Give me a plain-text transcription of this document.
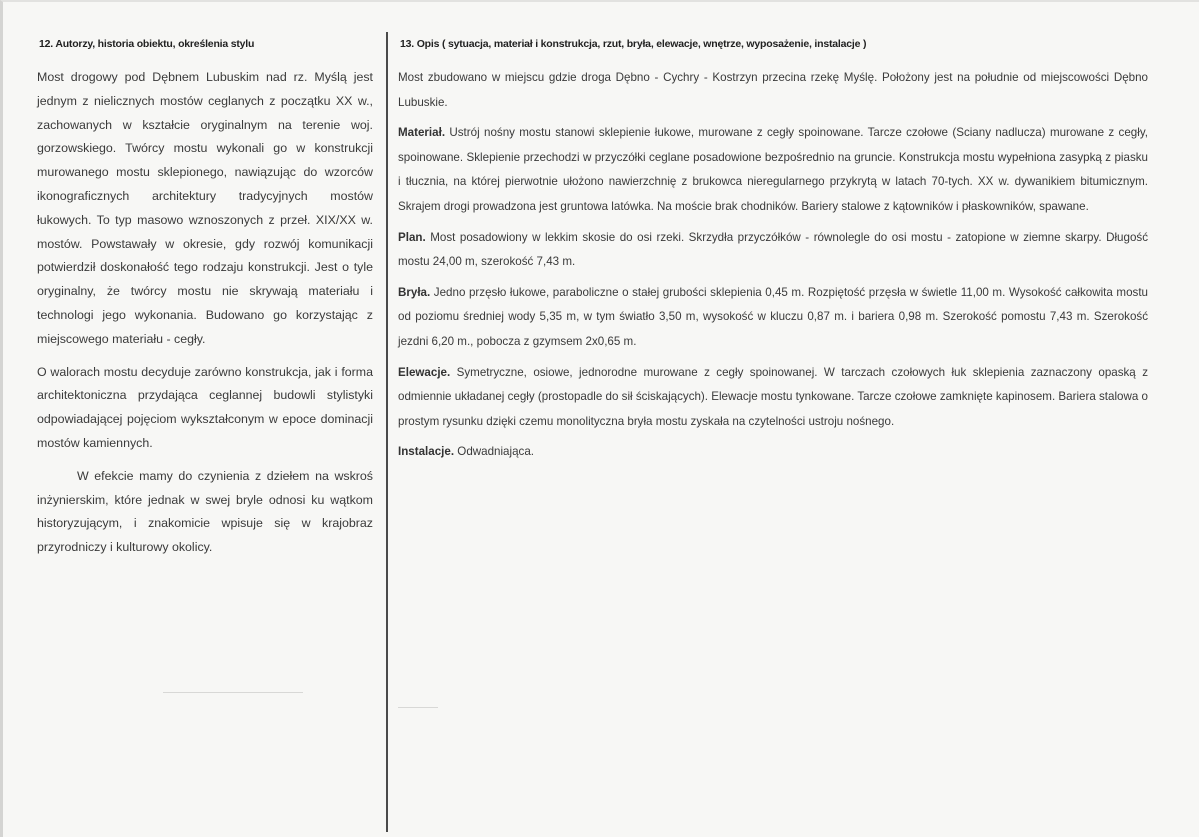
12. Autorzy, historia obiektu, określenia stylu

Most drogowy pod Dębnem Lubuskim nad rz. Myślą jest jednym z nielicznych mostów ceglanych z początku XX w., zachowanych w kształcie oryginalnym na terenie woj. gorzowskiego. Twórcy mostu wykonali go w konstrukcji murowanego mostu sklepionego, nawiązując do wzorców ikonograficznych architektury tradycyjnych mostów łukowych. To typ masowo wznoszonych z przeł. XIX/XX w. mostów. Powstawały w okresie, gdy rozwój komunikacji potwierdził doskonałość tego rodzaju konstrukcji. Jest o tyle oryginalny, że twórcy mostu nie skrywają materiału i technologi jego wykonania. Budowano go korzystając z miejscowego materiału - cegły.

O walorach mostu decyduje zarówno konstrukcja, jak i forma architektoniczna przydająca ceglannej budowli stylistyki odpowiadającej pojęciom wykształconym w epoce dominacji mostów kamiennych.

W efekcie mamy do czynienia z dziełem na wskroś inżynierskim, które jednak w swej bryle odnosi ku wątkom historyzującym, i znakomicie wpisuje się w krajobraz przyrodniczy i kulturowy okolicy.

13. Opis ( sytuacja, materiał i konstrukcja, rzut, bryła, elewacje, wnętrze, wyposażenie, instalacje )

Most zbudowano w miejscu gdzie droga Dębno - Cychry - Kostrzyn przecina rzekę Myślę. Położony jest na południe od miejscowości Dębno Lubuskie.

Materiał. Ustrój nośny mostu stanowi sklepienie łukowe, murowane z cegły spoinowane. Tarcze czołowe (Sciany nadlucza) murowane z cegły, spoinowane. Sklepienie przechodzi w przyczółki ceglane posadowione bezpośrednio na gruncie. Konstrukcja mostu wypełniona zasypką z piasku i tłucznia, na której pierwotnie ułożono nawierzchnię z brukowca nieregularnego przykrytą w latach 70-tych. XX w. dywanikiem bitumicznym. Skrajem drogi prowadzona jest gruntowa latówka. Na moście brak chodników. Bariery stalowe z kątowników i płaskowników, spawane.

Plan. Most posadowiony w lekkim skosie do osi rzeki. Skrzydła przyczółków - równolegle do osi mostu - zatopione w ziemne skarpy. Długość mostu 24,00 m, szerokość 7,43 m.

Bryła. Jedno przęsło łukowe, paraboliczne o stałej grubości sklepienia 0,45 m. Rozpiętość przęsła w świetle 11,00 m. Wysokość całkowita mostu od poziomu średniej wody 5,35 m, w tym światło 3,50 m, wysokość w kluczu 0,87 m. i bariera 0,98 m. Szerokość pomostu 7,43 m. Szerokość jezdni 6,20 m., pobocza z gzymsem 2x0,65 m.

Elewacje. Symetryczne, osiowe, jednorodne murowane z cegły spoinowanej. W tarczach czołowych łuk sklepienia zaznaczony opaską z odmiennie układanej cegły (prostopadle do sił ściskających). Elewacje mostu tynkowane. Tarcze czołowe zamknięte kapinosem. Bariera stalowa o prostym rysunku dzięki czemu monolityczna bryła mostu zyskała na czytelności ustroju nośnego.

Instalacje. Odwadniająca.
